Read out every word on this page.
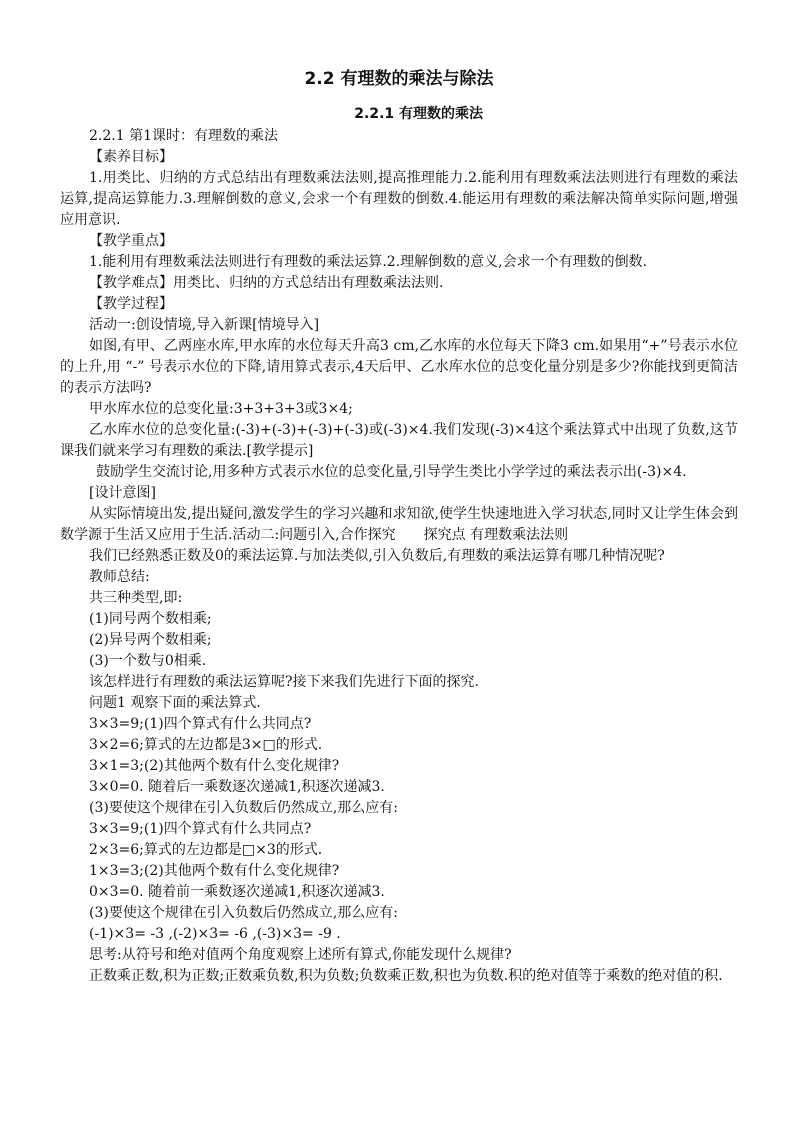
2.2 有理数的乘法与除法
2.2.1 有理数的乘法

2.2.1 第1课时：有理数的乘法

【素养目标】

1.用类比、归纳的方式总结出有理数乘法法则,提高推理能力.2.能利用有理数乘法法则进行有理数的乘法运算,提高运算能力.3.理解倒数的意义,会求一个有理数的倒数.4.能运用有理数的乘法解决简单实际问题,增强应用意识.

【教学重点】

1.能利用有理数乘法法则进行有理数的乘法运算.2.理解倒数的意义,会求一个有理数的倒数.

【教学难点】用类比、归纳的方式总结出有理数乘法法则.

【教学过程】

活动一:创设情境,导入新课[情境导入]

如图,有甲、乙两座水库,甲水库的水位每天升高3 cm,乙水库的水位每天下降3 cm.如果用“+”号表示水位的上升,用 “-” 号表示水位的下降,请用算式表示,4天后甲、乙水库水位的总变化量分别是多少?你能找到更简洁的表示方法吗?

甲水库水位的总变化量:3+3+3+3或3×4;

乙水库水位的总变化量:(-3)+(-3)+(-3)+(-3)或(-3)×4.我们发现(-3)×4这个乘法算式中出现了负数,这节课我们就来学习有理数的乘法.[教学提示]

鼓励学生交流讨论,用多种方式表示水位的总变化量,引导学生类比小学学过的乘法表示出(-3)×4.

[设计意图]

从实际情境出发,提出疑问,激发学生的学习兴趣和求知欲,使学生快速地进入学习状态,同时又让学生体会到数学源于生活又应用于生活.活动二:问题引入,合作探究　　探究点 有理数乘法法则

我们已经熟悉正数及0的乘法运算.与加法类似,引入负数后,有理数的乘法运算有哪几种情况呢?

教师总结:

共三种类型,即:

(1)同号两个数相乘;

(2)异号两个数相乘;

(3)一个数与0相乘.

该怎样进行有理数的乘法运算呢?接下来我们先进行下面的探究.

问题1 观察下面的乘法算式.

3×3=9;(1)四个算式有什么共同点?

3×2=6;算式的左边都是3×□的形式.

3×1=3;(2)其他两个数有什么变化规律?

3×0=0. 随着后一乘数逐次递减1,积逐次递减3.

(3)要使这个规律在引入负数后仍然成立,那么应有:

3×3=9;(1)四个算式有什么共同点?

2×3=6;算式的左边都是□×3的形式.

1×3=3;(2)其他两个数有什么变化规律?

0×3=0. 随着前一乘数逐次递减1,积逐次递减3.

(3)要使这个规律在引入负数后仍然成立,那么应有:

(-1)×3= -3 ,(-2)×3= -6 ,(-3)×3= -9 .

思考:从符号和绝对值两个角度观察上述所有算式,你能发现什么规律?

正数乘正数,积为正数;正数乘负数,积为负数;负数乘正数,积也为负数.积的绝对值等于乘数的绝对值的积.
